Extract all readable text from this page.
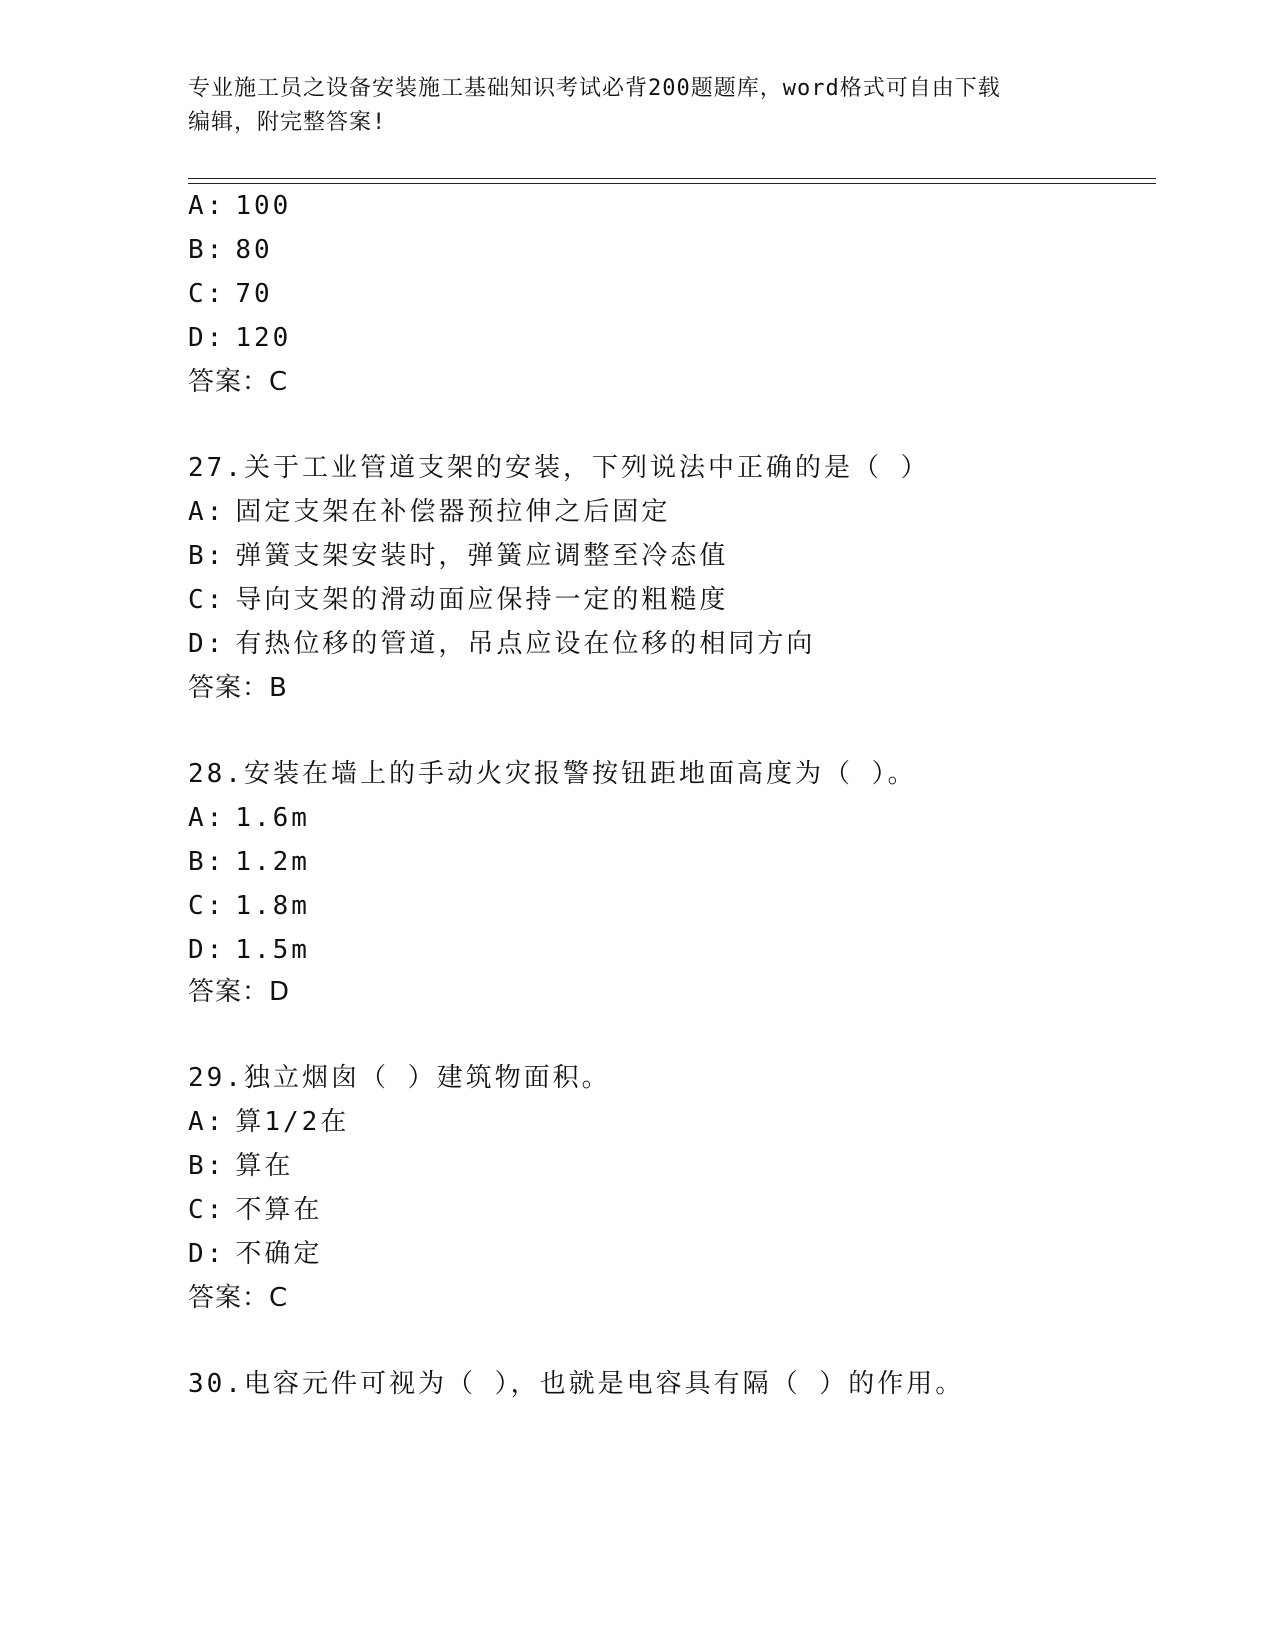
专业施工员之设备安装施工基础知识考试必背200题题库，word格式可自由下载
编辑，附完整答案!
A: 100
B: 80
C: 70
D: 120
答案：C
27.关于工业管道支架的安装，下列说法中正确的是（ ）
A: 固定支架在补偿器预拉伸之后固定
B: 弹簧支架安装时，弹簧应调整至冷态值
C: 导向支架的滑动面应保持一定的粗糙度
D: 有热位移的管道，吊点应设在位移的相同方向
答案：B
28.安装在墙上的手动火灾报警按钮距地面高度为（ ）。
A: 1.6m
B: 1.2m
C: 1.8m
D: 1.5m
答案：D
29.独立烟囱（ ）建筑物面积。
A: 算1/2在
B: 算在
C: 不算在
D: 不确定
答案：C
30.电容元件可视为（ ），也就是电容具有隔（ ）的作用。
